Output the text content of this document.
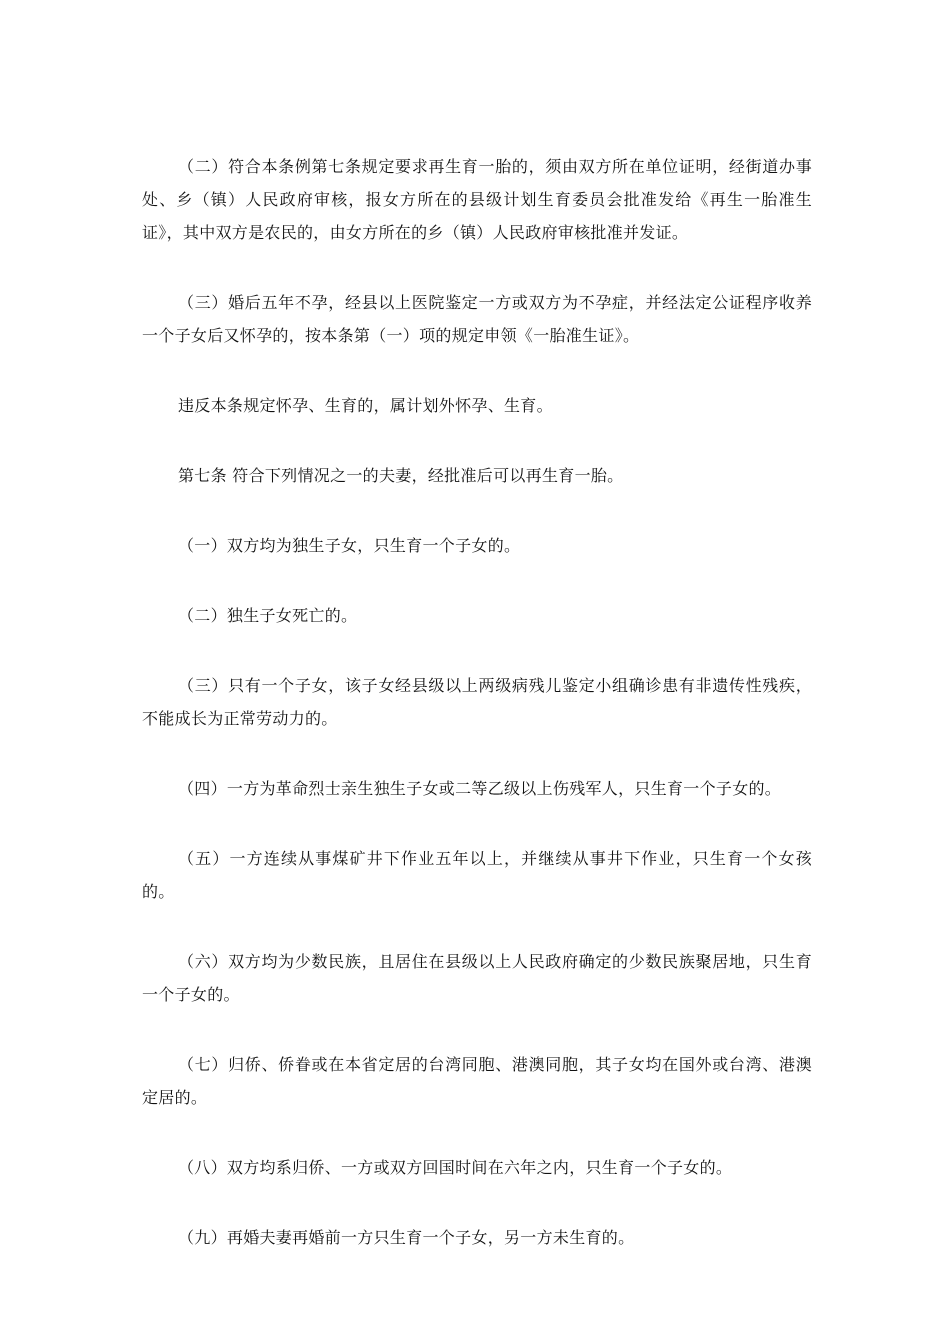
（二）符合本条例第七条规定要求再生育一胎的，须由双方所在单位证明，经街道办事处、乡（镇）人民政府审核，报女方所在的县级计划生育委员会批准发给《再生一胎准生证》，其中双方是农民的，由女方所在的乡（镇）人民政府审核批准并发证。

（三）婚后五年不孕，经县以上医院鉴定一方或双方为不孕症，并经法定公证程序收养一个子女后又怀孕的，按本条第（一）项的规定申领《一胎准生证》。

违反本条规定怀孕、生育的，属计划外怀孕、生育。

第七条 符合下列情况之一的夫妻，经批准后可以再生育一胎。

（一）双方均为独生子女，只生育一个子女的。

（二）独生子女死亡的。

（三）只有一个子女，该子女经县级以上两级病残儿鉴定小组确诊患有非遗传性残疾，不能成长为正常劳动力的。

（四）一方为革命烈士亲生独生子女或二等乙级以上伤残军人，只生育一个子女的。

（五）一方连续从事煤矿井下作业五年以上，并继续从事井下作业，只生育一个女孩的。

（六）双方均为少数民族，且居住在县级以上人民政府确定的少数民族聚居地，只生育一个子女的。

（七）归侨、侨眷或在本省定居的台湾同胞、港澳同胞，其子女均在国外或台湾、港澳定居的。

（八）双方均系归侨、一方或双方回国时间在六年之内，只生育一个子女的。

（九）再婚夫妻再婚前一方只生育一个子女，另一方未生育的。
